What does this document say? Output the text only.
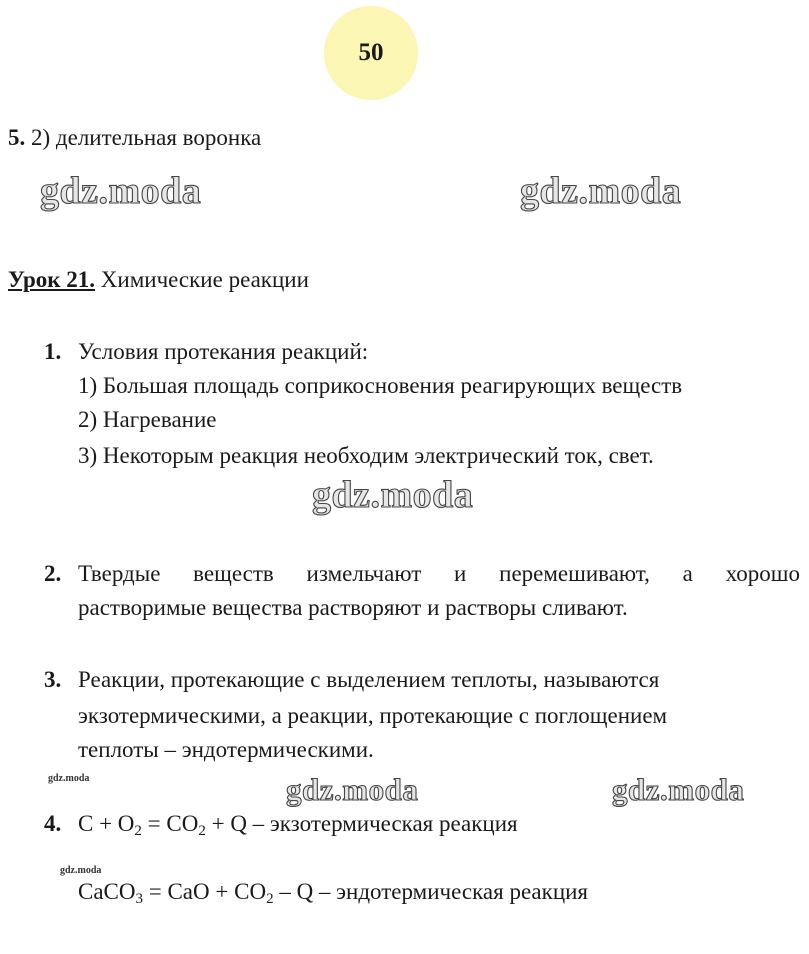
50
5. 2) делительная воронка
gdz.moda	gdz.moda
Урок 21. Химические реакции
1. Условия протекания реакций:
1) Большая площадь соприкосновения реагирующих веществ
2) Нагревание
3) Некоторым реакция необходим электрический ток, свет.
gdz.moda
2. Твердые веществ измельчают и перемешивают, а хорошо
растворимые вещества растворяют и растворы сливают.
3. Реакции, протекающие с выделением теплоты, называются
экзотермическими, а реакции, протекающие с поглощением
теплоты – эндотермическими.
gdz.moda	gdz.moda	gdz.moda
4. $C + O_2 = CO_2 + Q$ – экзотермическая реакция
gdz.moda
CaCO$_3$ = CaO + $CO_2$ – Q – эндотермическая реакция
